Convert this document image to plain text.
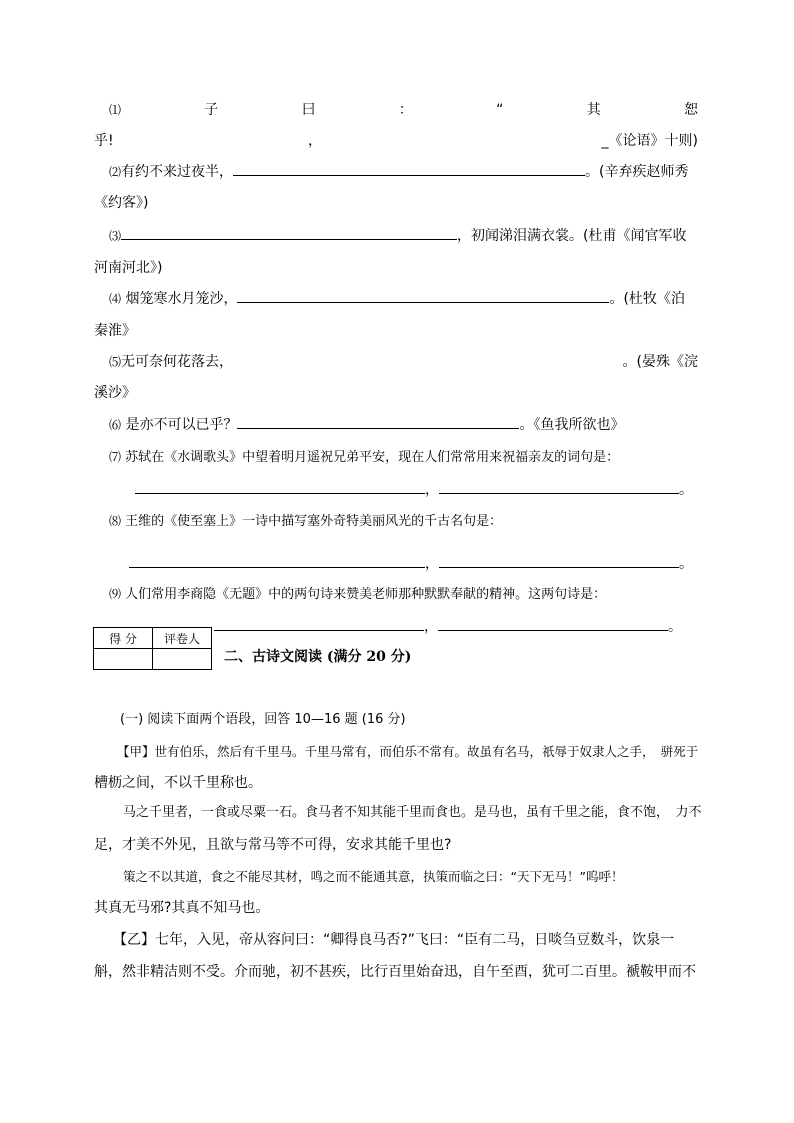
⑴	子	曰	：	“	其	恕
乎!	，	_《论语》十则)
⑵有约不来过夜半，	。(辛弃疾赵师秀
《约客》)
⑶	，初闻涕泪满衣裳。(杜甫《闻官军收
河南河北》)
⑷ 烟笼寒水月笼沙，	。(杜牧《泊
秦淮》
⑸无可奈何花落去，	。(晏殊《浣
溪沙》
⑹ 是亦不可以已乎？	。《鱼我所欲也》
⑺ 苏轼在《水调歌头》中望着明月遥祝兄弟平安，现在人们常常用来祝福亲友的词句是：
，	。
⑻ 王维的《使至塞上》一诗中描写塞外奇特美丽风光的千古名句是：
，	。
⑼ 人们常用李商隐《无题》中的两句诗来赞美老师那种默默奉献的精神。这两句诗是：
，	。
得 分	评卷人

二、古诗文阅读 (满分 20 分)
(一) 阅读下面两个语段，回答 10—16 题 (16 分)
【甲】世有伯乐，然后有千里马。千里马常有，而伯乐不常有。故虽有名马，祇辱于奴隶人之手，　骈死于
槽枥之间，不以千里称也。
马之千里者，一食或尽粟一石。食马者不知其能千里而食也。是马也，虽有千里之能，食不饱，　力不
足，才美不外见，且欲与常马等不可得，安求其能千里也?
策之不以其道，食之不能尽其材，鸣之而不能通其意，执策而临之曰：“天下无马！”呜呼！
其真无马邪?其真不知马也。
【乙】七年，入见，帝从容问曰：“卿得良马否?”飞曰：“臣有二马，日啖刍豆数斗，饮泉一
斛，然非精洁则不受。介而驰，初不甚疾，比行百里始奋迅，自午至酉，犹可二百里。褫鞍甲而不
